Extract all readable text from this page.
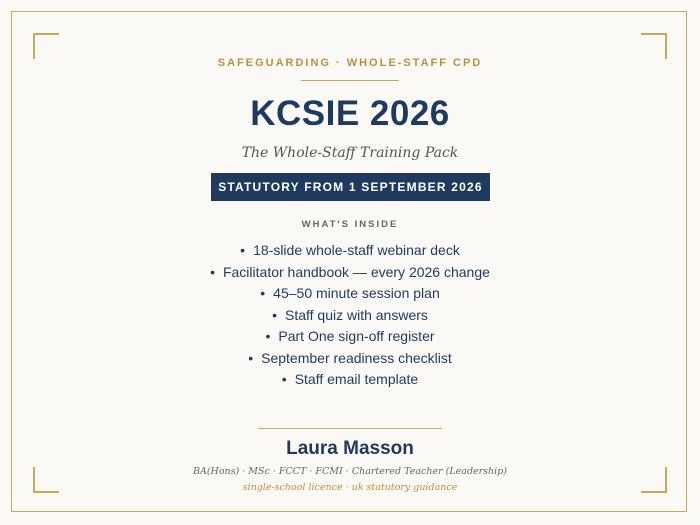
SAFEGUARDING · WHOLE-STAFF CPD
KCSIE 2026
The Whole-Staff Training Pack
STATUTORY FROM 1 SEPTEMBER 2026
WHAT'S INSIDE
• 18-slide whole-staff webinar deck
• Facilitator handbook — every 2026 change
• 45–50 minute session plan
• Staff quiz with answers
• Part One sign-off register
• September readiness checklist
• Staff email template
Laura Masson
BA(Hons) · MSc · FCCT · FCMI · Chartered Teacher (Leadership)
single-school licence · uk statutory guidance
